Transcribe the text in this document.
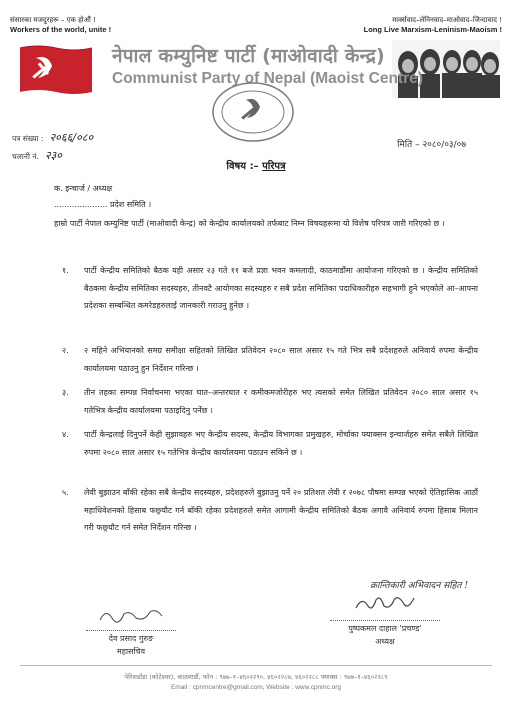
संसारका मजदुरहरू – एक होऔं !
Workers of the world, unite !
मार्क्सवाद–लेनिनवाद–माओवाद–जिन्दावाद !
Long Live Marxism-Leninism-Maoism !
नेपाल कम्युनिष्ट पार्टी (माओवादी केन्द्र)
Communist Party of Nepal (Maoist Centre)
पत्र संख्या : २०६६/०८०
चलानी नं. २३०
मिति – २०८०/०३/०७
विषय :– परिपत्र
क. इन्चार्ज / अध्यक्ष
..................... प्रदेश समिति ।
हाम्रो पार्टी नेपाल कम्युनिष्ट पार्टी (माओवादी केन्द्र) को केन्द्रीय कार्यालयको तर्फबाट निम्न विषयहरूमा यो विशेष परिपत्र जारी गरिएको छ ।
१. पार्टी केन्द्रीय समितिको बैठक यही असार २३ गते ११ बजे प्रज्ञा भवन कमलादी, काठमाडौंमा आयोजना गरिएको छ । केन्द्रीय समितिको बैठकमा केन्द्रीय समितिका सदस्यहरु, तीनवटै आयोगका सदस्यहरु र सबै प्रदेश समितिका पदाधिकारीहरु सहभागी हुने भएकोले आ–आफ्ना प्रदेशका सम्बन्धित कमरेडहरुलाई जानकारी गराउनु हुनेछ ।
२. २ महिने अभियानको समग्र समीक्षा सहितको लिखित प्रतिवेदन २०८० साल असार १५ गते भित्र सबै प्रदेशहरुले अनिवार्य रुपमा केन्द्रीय कार्यालयमा पठाउनु हुन निर्देशन गरिन्छ ।
३. तीन तहका सम्पन्न निर्वाचनमा भएका घात–अन्तरघात र कमीकमजोरीहरु भए त्यसको समेत लिखित प्रतिवेदन २०८० साल असार १५ गतेभित्र केन्द्रीय कार्यालयमा पठाइदिनु पर्नेछ ।
४. पार्टी केन्द्रलाई दिनुपर्ने केही सुझावहरु भए केन्द्रीय सदस्य, केन्द्रीय विभागका प्रमुखहरु, मोर्चाका फ्याक्सन इन्चार्जहरु समेत सबैले लिखित रुपमा २०८० साल असार १५ गतेभित्र केन्द्रीय कार्यालयमा पठाउन सकिने छ ।
५. लेवी बुझाउन बाँकी रहेका सबै केन्द्रीय सदस्यहरु, प्रदेशहरुले बुझाउनु पर्ने २० प्रतिशत लेवी र २०७८ पौषमा सम्पन्न भएको ऐतिहासिक आठौं महाधिवेशनको हिसाब फछ्र्यौट गर्न बाँकी रहेका प्रदेशहरुले समेत आगामी केन्द्रीय समितिको बैठक अगावै अनिवार्य रुपमा हिसाब मिलान गरी फछ्र्यौट गर्न समेत निर्देशन गरिन्छ ।
क्रान्तिकारी अभिवादन सहित !
देव प्रसाद गुरुङ
महासचिव
पुष्पकमल दाहाल 'प्रचण्ड'
अध्यक्ष
पेरिसडाँडा (कोटेश्वर), काठमाडौं, फोन : ९७७–१–४६०२२९०, ४६०२२८७, ४६०२२८८ फ्याक्स : ९७७–१–४६०२२८९
Email : cpnmcentre@gmail.com, Website : www.cpnmc.org
